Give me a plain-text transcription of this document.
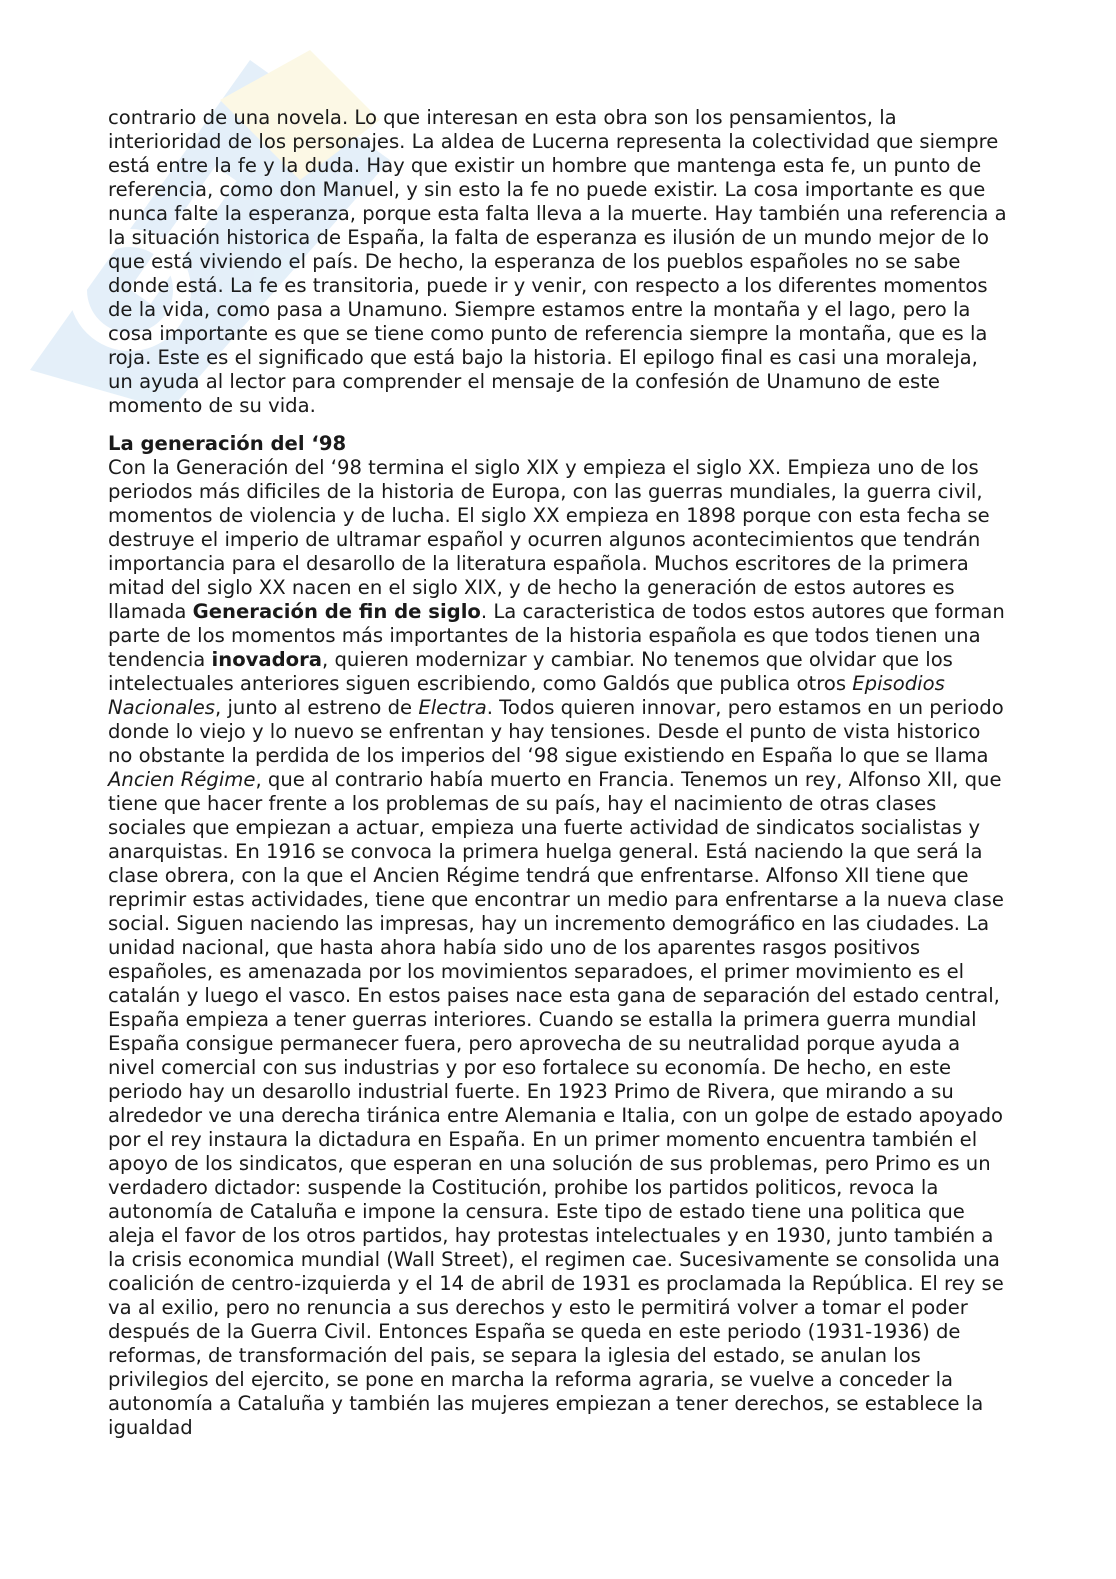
contrario de una novela. Lo que interesan en esta obra son los pensamientos, la interioridad de los personajes. La aldea de Lucerna representa la colectividad que siempre está entre la fe y la duda. Hay que existir un hombre que mantenga esta fe, un punto de referencia, como don Manuel, y sin esto la fe no puede existir. La cosa importante es que nunca falte la esperanza, porque esta falta lleva a la muerte. Hay también una referencia a la situación historica de España, la falta de esperanza es ilusión de un mundo mejor de lo que está viviendo el país. De hecho, la esperanza de los pueblos españoles no se sabe donde está. La fe es transitoria, puede ir y venir, con respecto a los diferentes momentos de la vida, como pasa a Unamuno. Siempre estamos entre la montaña y el lago, pero la cosa importante es que se tiene como punto de referencia siempre la montaña, que es la roja. Este es el significado que está bajo la historia. El epilogo final es casi una moraleja, un ayuda al lector para comprender el mensaje de la confesión de Unamuno de este momento de su vida.

La generación del ‘98

Con la Generación del ‘98 termina el siglo XIX y empieza el siglo XX. Empieza uno de los periodos más dificiles de la historia de Europa, con las guerras mundiales, la guerra civil, momentos de violencia y de lucha. El siglo XX empieza en 1898 porque con esta fecha se destruye el imperio de ultramar español y ocurren algunos acontecimientos que tendrán importancia para el desarollo de la literatura española. Muchos escritores de la primera mitad del siglo XX nacen en el siglo XIX, y de hecho la generación de estos autores es llamada Generación de fin de siglo. La caracteristica de todos estos autores que forman parte de los momentos más importantes de la historia española es que todos tienen una tendencia inovadora, quieren modernizar y cambiar. No tenemos que olvidar que los intelectuales anteriores siguen escribiendo, como Galdós que publica otros Episodios Nacionales, junto al estreno de Electra. Todos quieren innovar, pero estamos en un periodo donde lo viejo y lo nuevo se enfrentan y hay tensiones. Desde el punto de vista historico no obstante la perdida de los imperios del ‘98 sigue existiendo en España lo que se llama Ancien Régime, que al contrario había muerto en Francia. Tenemos un rey, Alfonso XII, que tiene que hacer frente a los problemas de su país, hay el nacimiento de otras clases sociales que empiezan a actuar, empieza una fuerte actividad de sindicatos socialistas y anarquistas. En 1916 se convoca la primera huelga general. Está naciendo la que será la clase obrera, con la que el Ancien Régime tendrá que enfrentarse. Alfonso XII tiene que reprimir estas actividades, tiene que encontrar un medio para enfrentarse a la nueva clase social. Siguen naciendo las impresas, hay un incremento demográfico en las ciudades. La unidad nacional, que hasta ahora había sido uno de los aparentes rasgos positivos españoles, es amenazada por los movimientos separadoes, el primer movimiento es el catalán y luego el vasco. En estos paises nace esta gana de separación del estado central, España empieza a tener guerras interiores. Cuando se estalla la primera guerra mundial España consigue permanecer fuera, pero aprovecha de su neutralidad porque ayuda a nivel comercial con sus industrias y por eso fortalece su economía. De hecho, en este periodo hay un desarollo industrial fuerte. En 1923 Primo de Rivera, que mirando a su alrededor ve una derecha tiránica entre Alemania e Italia, con un golpe de estado apoyado por el rey instaura la dictadura en España. En un primer momento encuentra también el apoyo de los sindicatos, que esperan en una solución de sus problemas, pero Primo es un verdadero dictador: suspende la Costitución, prohibe los partidos politicos, revoca la autonomía de Cataluña e impone la censura. Este tipo de estado tiene una politica que aleja el favor de los otros partidos, hay protestas intelectuales y en 1930, junto también a la crisis economica mundial (Wall Street), el regimen cae. Sucesivamente se consolida una coalición de centro-izquierda y el 14 de abril de 1931 es proclamada la República. El rey se va al exilio, pero no renuncia a sus derechos y esto le permitirá volver a tomar el poder después de la Guerra Civil. Entonces España se queda en este periodo (1931-1936) de reformas, de transformación del pais, se separa la iglesia del estado, se anulan los privilegios del ejercito, se pone en marcha la reforma agraria, se vuelve a conceder la autonomía a Cataluña y también las mujeres empiezan a tener derechos, se establece la igualdad
